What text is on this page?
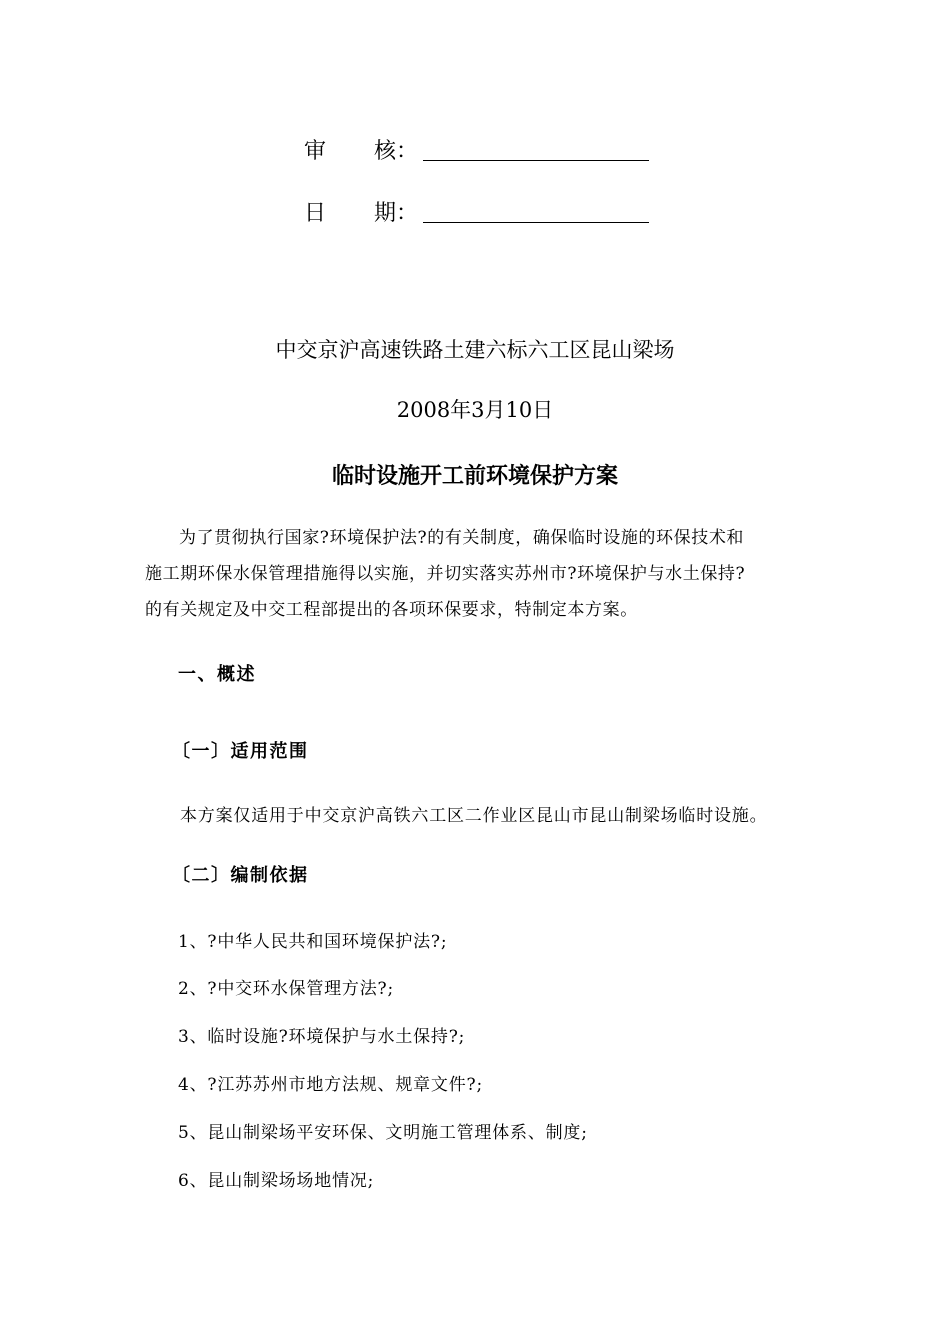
审 核：
日 期：
中交京沪高速铁路土建六标六工区昆山梁场
2008年3月10日
临时设施开工前环境保护方案
为了贯彻执行国家?环境保护法?的有关制度，确保临时设施的环保技术和
施工期环保水保管理措施得以实施，并切实落实苏州市?环境保护与水土保持?
的有关规定及中交工程部提出的各项环保要求，特制定本方案。
一、概述
〔一〕适用范围
本方案仅适用于中交京沪高铁六工区二作业区昆山市昆山制梁场临时设施。
〔二〕编制依据
1、?中华人民共和国环境保护法?;
2、?中交环水保管理方法?;
3、临时设施?环境保护与水土保持?;
4、?江苏苏州市地方法规、规章文件?;
5、昆山制梁场平安环保、文明施工管理体系、制度;
6、昆山制梁场场地情况;
